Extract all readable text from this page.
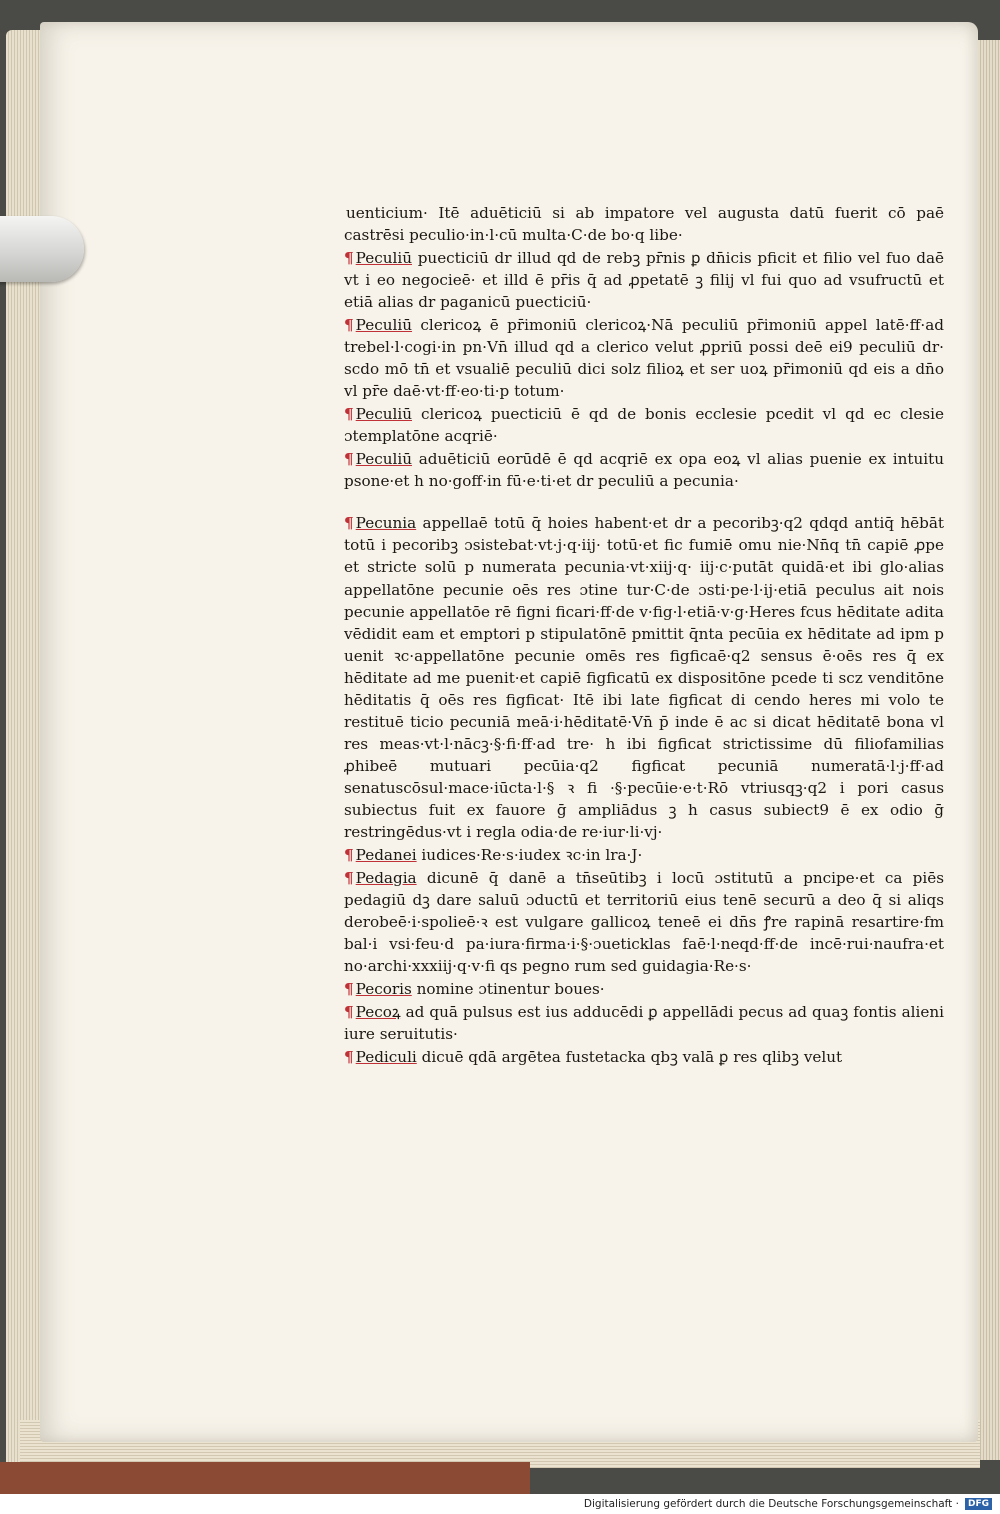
uenticium· Itē aduēticiū si ab impatore vel augusta datū fuerit cō paē castrēsi peculio·in·l·cū multa·C·de bo·q libe·

¶ Peculiū puecticiū dr illud qd de rebꝫ pr̄nis ꝑ dn̄icis pficit et filio vel fuo daē vt i eo negocieē· et illd ē pr̄is q̄ ad ꝓpetatē ꝫ filij vl fui quo ad vsufructū et etiā alias dr paganicū puecticiū·

¶ Peculiū clericoꝝ ē pr̄imoniū clericoꝝ·Nā peculiū pr̄imoniū appel latē·ff·ad trebel·l·cogi·in pn·Vn̄ illud qd a clerico velut ꝓpriū possi deē ei9 peculiū dr· scdo mō tn̄ et vsualiē peculiū dici solz filioꝝ et ser uoꝝ pr̄imoniū qd eis a dn̄o vl pr̄e daē·vt·ff·eo·ti·p totum·

¶ Peculiū clericoꝝ puecticiū ē qd de bonis ecclesie pcedit vl qd ec clesie ɔtemplatōne acqriē·

¶ Peculiū aduēticiū eorūdē ē qd acqriē ex opa eoꝝ vl alias puenie ex intuitu psone·et h no·goff·in fū·e·ti·et dr peculiū a pecunia·

¶ Pecunia appellaē totū q̄ hoies habent·et dr a pecoribꝫ·q2 qdqd antiq̄ hēbāt totū i pecoribꝫ ɔsistebat·vt·j·q·iij· totū·et fic fumiē omu nie·Nn̄q tn̄ capiē ꝓpe et stricte solū p numerata pecunia·vt·xiij·q· iij·c·putāt quidā·et ibi glo·alias appellatōne pecunie oēs res ɔtine tur·C·de ɔsti·pe·l·ij·etiā peculus ait nois pecunie appellatōe rē figni ficari·ff·de v·fig·l·etiā·v·g·Heres fcus hēditate adita vēdidit eam et emptori p stipulatōnē pmittit q̄nta pecūia ex hēditate ad ipm p uenit ꝛc·appellatōne pecunie omēs res figficaē·q2 sensus ē·oēs res q̄ ex hēditate ad me puenit·et capiē figficatū ex dispositōne pcede ti scz venditōne hēditatis q̄ oēs res figficat· Itē ibi late figficat di cendo heres mi volo te restituē ticio pecuniā meā·i·hēditatē·Vn̄ p̄ inde ē ac si dicat hēditatē bona vl res meas·vt·l·nācꝫ·§·fi·ff·ad tre· h ibi figficat strictissime dū filiofamilias ꝓhibeē mutuari pecūia·q2 figficat pecuniā numeratā·l·j·ff·ad senatuscōsul·mace·iūcta·l·§ ꝛ fi ·§·pecūie·e·t·Rō vtriusqꝫ·q2 i pori casus subiectus fuit ex fauore ḡ ampliādus ꝫ h casus subiect9 ē ex odio ḡ restringēdus·vt i regla odia·de re·iur·li·vj·

¶ Pedanei iudices·Re·s·iudex ꝛc·in lra·J·

¶ Pedagia dicunē q̄ danē a tn̄seūtibꝫ i locū ɔstitutū a pncipe·et ca piēs pedagiū dꝫ dare saluū ɔductū et territoriū eius tenē securū a deo q̄ si aliqs derobeē·i·spolieē·ꝛ est vulgare gallicoꝝ teneē ei dn̄s ꝭre rapinā resartire·fm bal·i vsi·feu·d pa·iura·firma·i·§·ɔueticklas faē·l·neqd·ff·de incē·rui·naufra·et no·archi·xxxiij·q·v·fi qs pegno rum sed guidagia·Re·s·

¶ Pecoris nomine ɔtinentur boues·

¶ Pecoꝝ ad quā pulsus est ius adducēdi ꝑ appellādi pecus ad quaꝫ fontis alieni iure seruitutis·

¶ Pediculi dicuē qdā argētea fustetacka qbꝫ valā ꝑ res qlibꝫ velut

Digitalisierung gefördert durch die Deutsche Forschungsgemeinschaft ·	DFG
